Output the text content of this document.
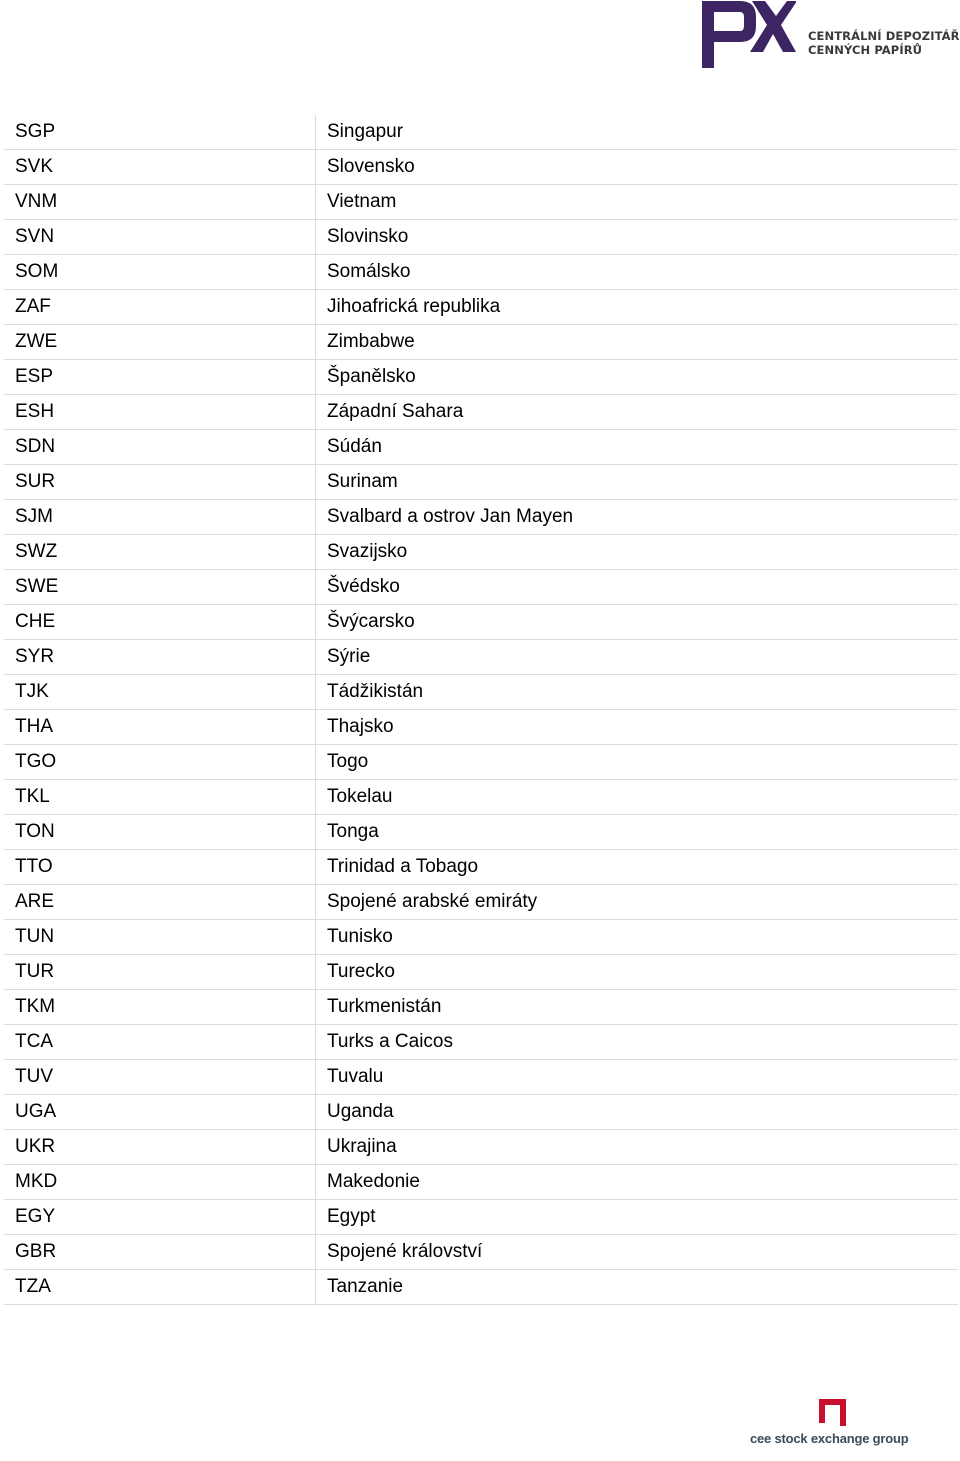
CENTRÁLNÍ DEPOZITÁŘ
CENNÝCH PAPÍRŮ
SGP	Singapur
SVK	Slovensko
VNM	Vietnam
SVN	Slovinsko
SOM	Somálsko
ZAF	Jihoafrická republika
ZWE	Zimbabwe
ESP	Španělsko
ESH	Západní Sahara
SDN	Súdán
SUR	Surinam
SJM	Svalbard a ostrov Jan Mayen
SWZ	Svazijsko
SWE	Švédsko
CHE	Švýcarsko
SYR	Sýrie
TJK	Tádžikistán
THA	Thajsko
TGO	Togo
TKL	Tokelau
TON	Tonga
TTO	Trinidad a Tobago
ARE	Spojené arabské emiráty
TUN	Tunisko
TUR	Turecko
TKM	Turkmenistán
TCA	Turks a Caicos
TUV	Tuvalu
UGA	Uganda
UKR	Ukrajina
MKD	Makedonie
EGY	Egypt
GBR	Spojené království
TZA	Tanzanie
cee stock exchange group
